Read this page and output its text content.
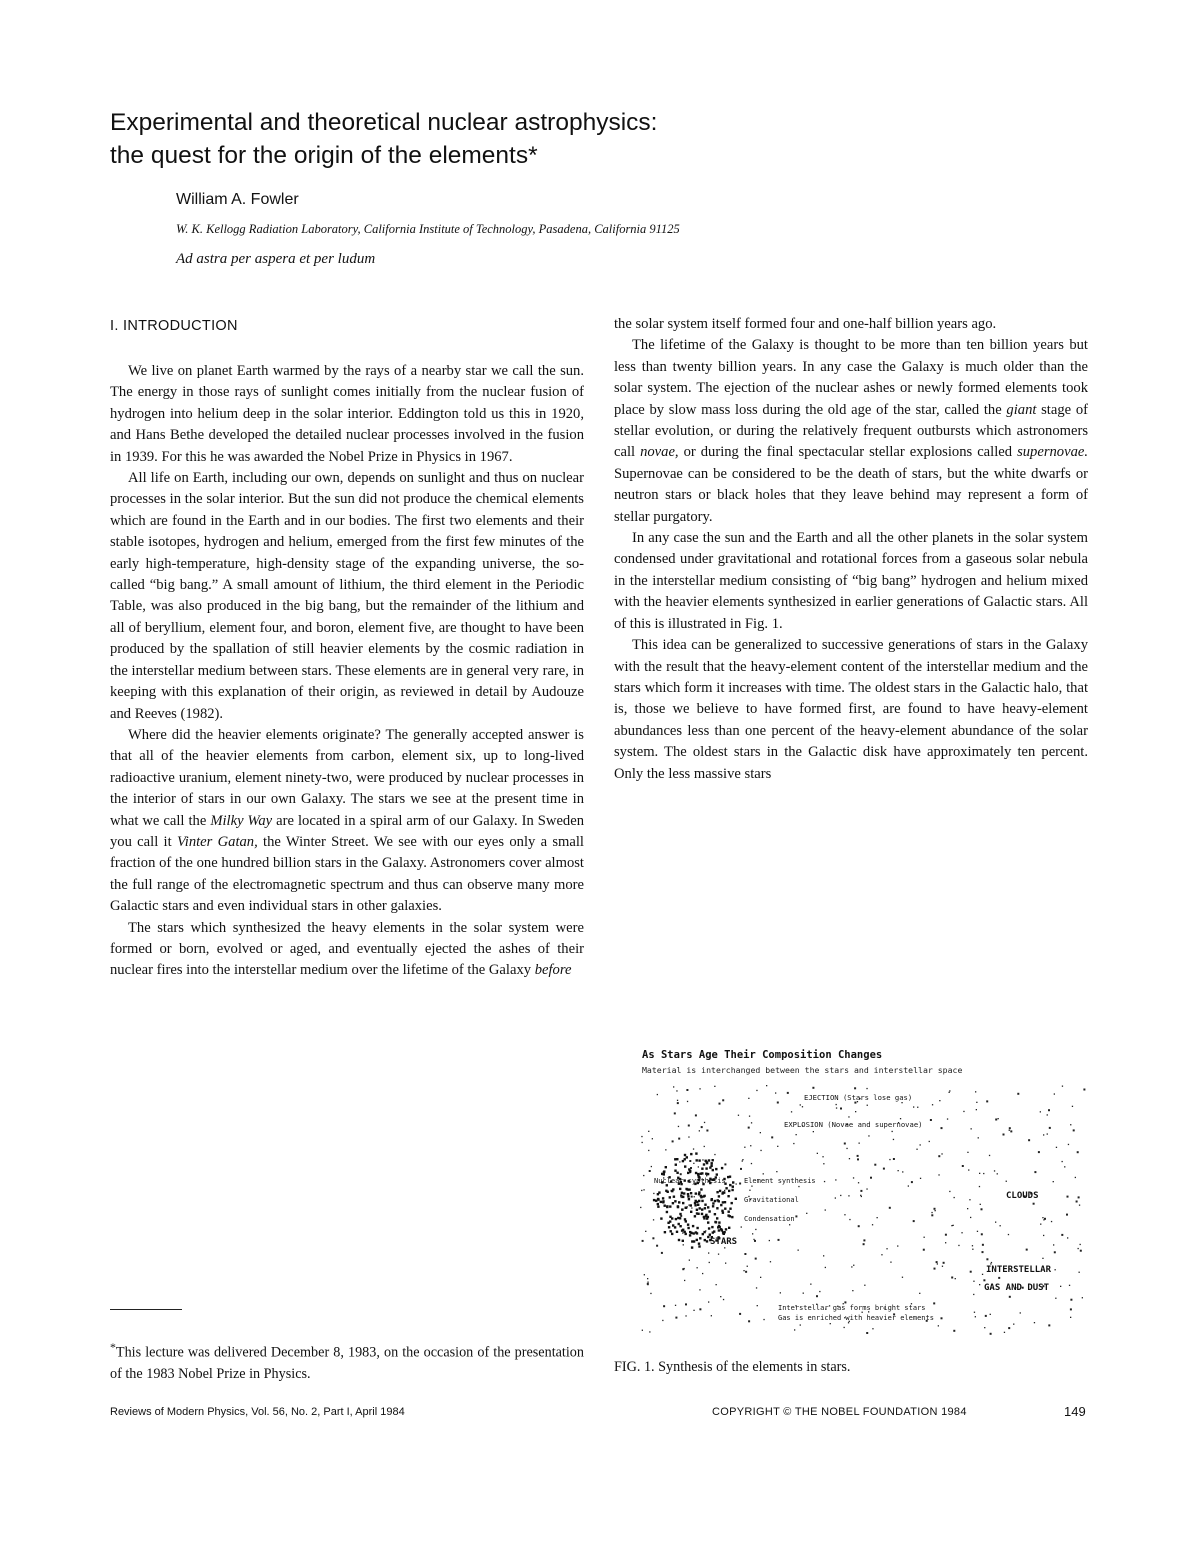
Experimental and theoretical nuclear astrophysics:
the quest for the origin of the elements*
William A. Fowler
W. K. Kellogg Radiation Laboratory, California Institute of Technology, Pasadena, California 91125
Ad astra per aspera et per ludum
I. INTRODUCTION

We live on planet Earth warmed by the rays of a nearby star we call the sun. The energy in those rays of sunlight comes initially from the nuclear fusion of hydrogen into helium deep in the solar interior. Eddington told us this in 1920, and Hans Bethe developed the detailed nuclear processes involved in the fusion in 1939. For this he was awarded the Nobel Prize in Physics in 1967.

All life on Earth, including our own, depends on sunlight and thus on nuclear processes in the solar interior. But the sun did not produce the chemical elements which are found in the Earth and in our bodies. The first two elements and their stable isotopes, hydrogen and helium, emerged from the first few minutes of the early high-temperature, high-density stage of the expanding universe, the so-called “big bang.” A small amount of lithium, the third element in the Periodic Table, was also produced in the big bang, but the remainder of the lithium and all of beryllium, element four, and boron, element five, are thought to have been produced by the spallation of still heavier elements by the cosmic radiation in the interstellar medium between stars. These elements are in general very rare, in keeping with this explanation of their origin, as reviewed in detail by Audouze and Reeves (1982).

Where did the heavier elements originate? The generally accepted answer is that all of the heavier elements from carbon, element six, up to long-lived radioactive uranium, element ninety-two, were produced by nuclear processes in the interior of stars in our own Galaxy. The stars we see at the present time in what we call the Milky Way are located in a spiral arm of our Galaxy. In Sweden you call it Vinter Gatan, the Winter Street. We see with our eyes only a small fraction of the one hundred billion stars in the Galaxy. Astronomers cover almost the full range of the electromagnetic spectrum and thus can observe many more Galactic stars and even individual stars in other galaxies.

The stars which synthesized the heavy elements in the solar system were formed or born, evolved or aged, and eventually ejected the ashes of their nuclear fires into the interstellar medium over the lifetime of the Galaxy before

the solar system itself formed four and one-half billion years ago.

The lifetime of the Galaxy is thought to be more than ten billion years but less than twenty billion years. In any case the Galaxy is much older than the solar system. The ejection of the nuclear ashes or newly formed elements took place by slow mass loss during the old age of the star, called the giant stage of stellar evolution, or during the relatively frequent outbursts which astronomers call novae, or during the final spectacular stellar explosions called supernovae. Supernovae can be considered to be the death of stars, but the white dwarfs or neutron stars or black holes that they leave behind may represent a form of stellar purgatory.

In any case the sun and the Earth and all the other planets in the solar system condensed under gravitational and rotational forces from a gaseous solar nebula in the interstellar medium consisting of “big bang” hydrogen and helium mixed with the heavier elements synthesized in earlier generations of Galactic stars. All of this is illustrated in Fig. 1.

This idea can be generalized to successive generations of stars in the Galaxy with the result that the heavy-element content of the interstellar medium and the stars which form it increases with time. The oldest stars in the Galactic halo, that is, those we believe to have formed first, are found to have heavy-element abundances less than one percent of the heavy-element abundance of the solar system. The oldest stars in the Galactic disk have approximately ten percent. Only the less massive stars

As Stars Age Their Composition Changes
Material is interchanged between the stars and interstellar space
EJECTION (Stars lose gas)
EXPLOSION (Novae and supernovae)
Nuclear synthesis	Element synthesis
Gravitational
Condensation
STARS
CLOUDS
INTERSTELLAR
GAS AND DUST
Interstellar gas forms bright stars
Gas is enriched with heavier elements
FIG. 1. Synthesis of the elements in stars.
*This lecture was delivered December 8, 1983, on the occasion of the presentation of the 1983 Nobel Prize in Physics.
Reviews of Modern Physics, Vol. 56, No. 2, Part I, April 1984	COPYRIGHT © THE NOBEL FOUNDATION 1984	149
